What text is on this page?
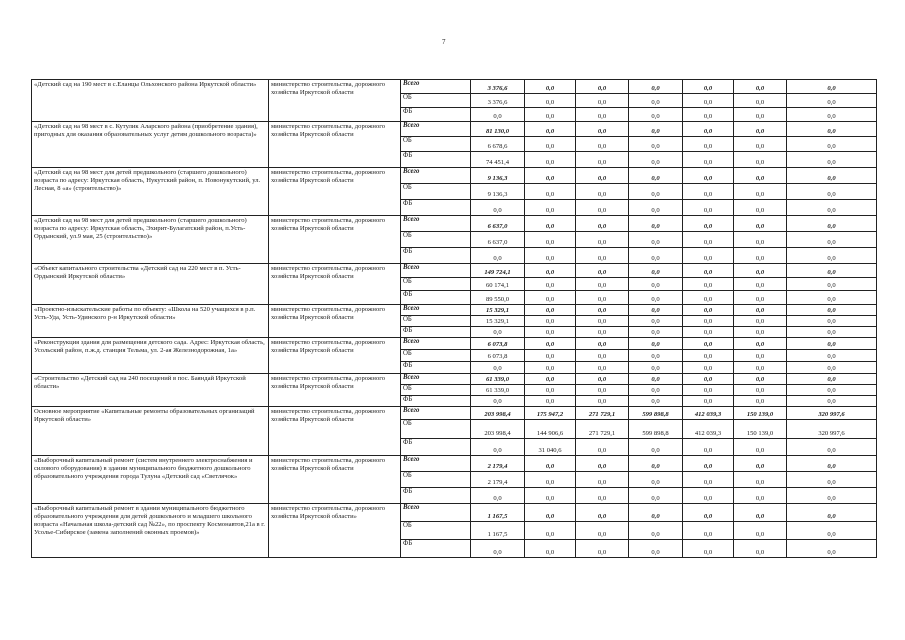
7
«Детский сад на 190 мест в с.Еланцы Ольхонского района Иркутской области»	министерство строительства, дорожного хозяйства Иркутской области	Всего	3 376,6	0,0	0,0	0,0	0,0	0,0	0,0
		ОБ	3 376,6	0,0	0,0	0,0	0,0	0,0	0,0
		ФБ	0,0	0,0	0,0	0,0	0,0	0,0	0,0
«Детский сад на 98 мест в с. Кутулик Аларского района (приобретение здания), пригодных для оказания образовательных услуг детям дошкольного возраста)»	министерство строительства, дорожного хозяйства Иркутской области	Всего	81 130,0	0,0	0,0	0,0	0,0	0,0	0,0
		ОБ	6 678,6	0,0	0,0	0,0	0,0	0,0	0,0
		ФБ	74 451,4	0,0	0,0	0,0	0,0	0,0	0,0
«Детский сад на 98 мест для детей предшкольного (старшего дошкольного) возраста по адресу: Иркутская область, Нукутский район, п. Новонукутский, ул. Лесная, 8 «а» (строительство)»	министерство строительства, дорожного хозяйства Иркутской области	Всего	9 136,3	0,0	0,0	0,0	0,0	0,0	0,0
		ОБ	9 136,3	0,0	0,0	0,0	0,0	0,0	0,0
		ФБ	0,0	0,0	0,0	0,0	0,0	0,0	0,0
«Детский сад на 98 мест для детей предшкольного (старшего дошкольного) возраста по адресу: Иркутская область, Эхирит-Булагатский район, п.Усть-Ордынский, ул.9 мая, 25 (строительство)»	министерство строительства, дорожного хозяйства Иркутской области	Всего	6 637,0	0,0	0,0	0,0	0,0	0,0	0,0
		ОБ	6 637,0	0,0	0,0	0,0	0,0	0,0	0,0
		ФБ	0,0	0,0	0,0	0,0	0,0	0,0	0,0
«Объект капитального строительства «Детский сад на 220 мест в п. Усть-Ордынский Иркутской области»	министерство строительства, дорожного хозяйства Иркутской области	Всего	149 724,1	0,0	0,0	0,0	0,0	0,0	0,0
		ОБ	60 174,1	0,0	0,0	0,0	0,0	0,0	0,0
		ФБ	89 550,0	0,0	0,0	0,0	0,0	0,0	0,0
«Проектно-изыскательские работы по объекту: «Школа на 520 учащихся в р.п. Усть-Уда, Усть-Удинского р-н Иркутской области»	министерство строительства, дорожного хозяйства Иркутской области	Всего	15 329,1	0,0	0,0	0,0	0,0	0,0	0,0
		ОБ	15 329,1	0,0	0,0	0,0	0,0	0,0	0,0
		ФБ	0,0	0,0	0,0	0,0	0,0	0,0	0,0
«Реконструкция здания для размещения детского сада. Адрес: Иркутская область, Усольский район, п.ж.д. станция Тельма, ул. 2-ая Железнодорожная, 1а»	министерство строительства, дорожного хозяйства Иркутской области	Всего	6 073,8	0,0	0,0	0,0	0,0	0,0	0,0
		ОБ	6 073,8	0,0	0,0	0,0	0,0	0,0	0,0
		ФБ	0,0	0,0	0,0	0,0	0,0	0,0	0,0
«Строительство «Детский сад на 240 посещений в пос. Баяндай Иркутской области»	министерство строительства, дорожного хозяйства Иркутской области	Всего	61 339,0	0,0	0,0	0,0	0,0	0,0	0,0
		ОБ	61 339,0	0,0	0,0	0,0	0,0	0,0	0,0
		ФБ	0,0	0,0	0,0	0,0	0,0	0,0	0,0
Основное мероприятие «Капитальные ремонты образовательных организаций Иркутской области»	министерство строительства, дорожного хозяйства Иркутской области	Всего	203 998,4	175 947,2	271 729,1	599 898,8	412 039,3	150 139,0	320 997,6
		ОБ	203 998,4	144 906,6	271 729,1	599 898,8	412 039,3	150 139,0	320 997,6
		ФБ	0,0	31 040,6	0,0	0,0	0,0	0,0	0,0
«Выборочный капитальный ремонт (систем внутреннего электроснабжения и силового оборудования) в здании муниципального бюджетного дошкольного образовательного учреждения города Тулуна «Детский сад «Светлячок»	министерство строительства, дорожного хозяйства Иркутской области	Всего	2 179,4	0,0	0,0	0,0	0,0	0,0	0,0
		ОБ	2 179,4	0,0	0,0	0,0	0,0	0,0	0,0
		ФБ	0,0	0,0	0,0	0,0	0,0	0,0	0,0
«Выборочный капитальный ремонт в здании муниципального бюджетного образовательного учреждения для детей дошкольного и младшего школьного возраста «Начальная школа-детский сад №22», по проспекту Космонавтов,21а в г. Усолье-Сибирское (замена заполнений оконных проемов)»	министерство строительства, дорожного хозяйства Иркутской области»	Всего	1 167,5	0,0	0,0	0,0	0,0	0,0	0,0
		ОБ	1 167,5	0,0	0,0	0,0	0,0	0,0	0,0
		ФБ	0,0	0,0	0,0	0,0	0,0	0,0	0,0
